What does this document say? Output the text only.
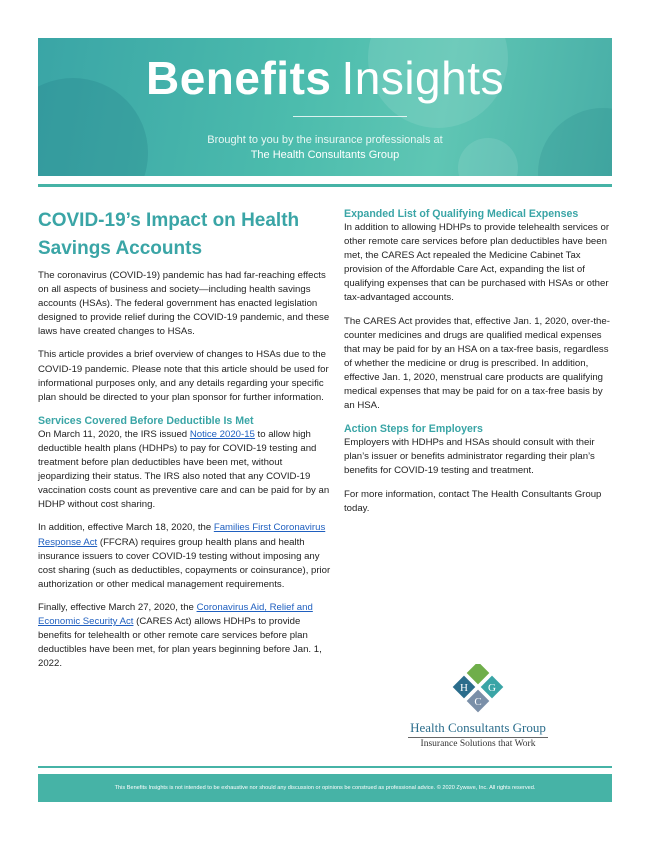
Benefits Insights
Brought to you by the insurance professionals at
The Health Consultants Group
COVID-19’s Impact on Health Savings Accounts

The coronavirus (COVID-19) pandemic has had far-reaching effects on all aspects of business and society—including health savings accounts (HSAs). The federal government has enacted legislation designed to provide relief during the COVID-19 pandemic, and these laws have created changes to HSAs.

This article provides a brief overview of changes to HSAs due to the COVID-19 pandemic. Please note that this article should be used for informational purposes only, and any details regarding your specific plan should be directed to your plan sponsor for further information.

Services Covered Before Deductible Is Met

On March 11, 2020, the IRS issued Notice 2020-15 to allow high deductible health plans (HDHPs) to pay for COVID-19 testing and treatment before plan deductibles have been met, without jeopardizing their status. The IRS also noted that any COVID-19 vaccination costs count as preventive care and can be paid for by an HDHP without cost sharing.

In addition, effective March 18, 2020, the Families First Coronavirus Response Act (FFCRA) requires group health plans and health insurance issuers to cover COVID-19 testing without imposing any cost sharing (such as deductibles, copayments or coinsurance), prior authorization or other medical management requirements.

Finally, effective March 27, 2020, the Coronavirus Aid, Relief and Economic Security Act (CARES Act) allows HDHPs to provide benefits for telehealth or other remote care services before plan deductibles have been met, for plan years beginning before Jan. 1, 2022.

Expanded List of Qualifying Medical Expenses

In addition to allowing HDHPs to provide telehealth services or other remote care services before plan deductibles have been met, the CARES Act repealed the Medicine Cabinet Tax provision of the Affordable Care Act, expanding the list of qualifying expenses that can be purchased with HSAs or other tax-advantaged accounts.

The CARES Act provides that, effective Jan. 1, 2020, over-the-counter medicines and drugs are qualified medical expenses that may be paid for by an HSA on a tax-free basis, regardless of whether the medicine or drug is prescribed. In addition, effective Jan. 1, 2020, menstrual care products are qualifying medical expenses that may be paid for on a tax-free basis by an HSA.

Action Steps for Employers

Employers with HDHPs and HSAs should consult with their plan’s issuer or benefits administrator regarding their plan’s benefits for COVID-19 testing and treatment.

For more information, contact The Health Consultants Group today.

H
C
G
Health Consultants Group
Insurance Solutions that Work
This Benefits Insights is not intended to be exhaustive nor should any discussion or opinions be construed as professional advice. © 2020 Zywave, Inc. All rights reserved.
